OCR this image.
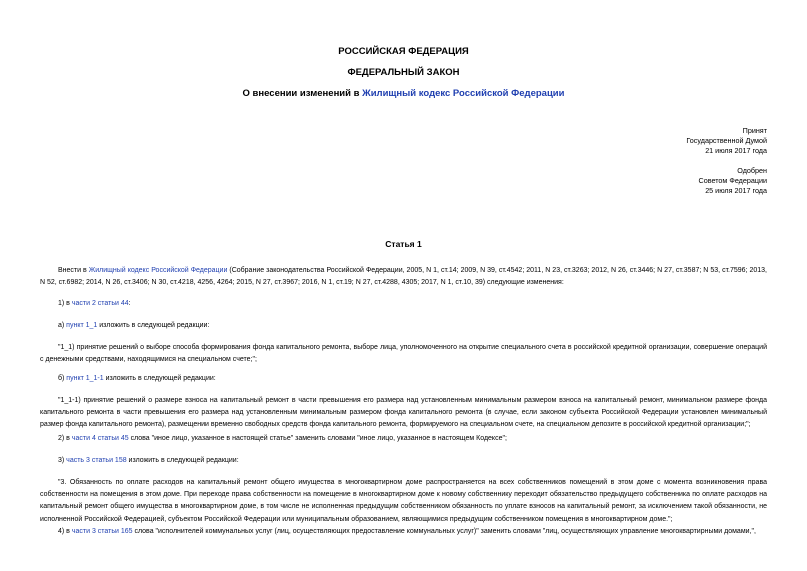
РОССИЙСКАЯ ФЕДЕРАЦИЯ
ФЕДЕРАЛЬНЫЙ ЗАКОН
О внесении изменений в Жилищный кодекс Российской Федерации
Принят
Государственной Думой
21 июля 2017 года
Одобрен
Советом Федерации
25 июля 2017 года
Статья 1
Внести в Жилищный кодекс Российской Федерации (Собрание законодательства Российской Федерации, 2005, N 1, ст.14; 2009, N 39, ст.4542; 2011, N 23, ст.3263; 2012, N 26, ст.3446; N 27, ст.3587; N 53, ст.7596; 2013, N 52, ст.6982; 2014, N 26, ст.3406; N 30, ст.4218, 4256, 4264; 2015, N 27, ст.3967; 2016, N 1, ст.19; N 27, ст.4288, 4305; 2017, N 1, ст.10, 39) следующие изменения:
1) в части 2 статьи 44:
а) пункт 1_1 изложить в следующей редакции:
"1_1) принятие решений о выборе способа формирования фонда капитального ремонта, выборе лица, уполномоченного на открытие специального счета в российской кредитной организации, совершение операций с денежными средствами, находящимися на специальном счете;";
б) пункт 1_1-1 изложить в следующей редакции:
"1_1-1) принятие решений о размере взноса на капитальный ремонт в части превышения его размера над установленным минимальным размером взноса на капитальный ремонт, минимальном размере фонда капитального ремонта в части превышения его размера над установленным минимальным размером фонда капитального ремонта (в случае, если законом субъекта Российской Федерации установлен минимальный размер фонда капитального ремонта), размещении временно свободных средств фонда капитального ремонта, формируемого на специальном счете, на специальном депозите в российской кредитной организации;";
2) в части 4 статьи 45 слова "иное лицо, указанное в настоящей статье" заменить словами "иное лицо, указанное в настоящем Кодексе";
3) часть 3 статьи 158 изложить в следующей редакции:
"3. Обязанность по оплате расходов на капитальный ремонт общего имущества в многоквартирном доме распространяется на всех собственников помещений в этом доме с момента возникновения права собственности на помещения в этом доме. При переходе права собственности на помещение в многоквартирном доме к новому собственнику переходит обязательство предыдущего собственника по оплате расходов на капитальный ремонт общего имущества в многоквартирном доме, в том числе не исполненная предыдущим собственником обязанность по уплате взносов на капитальный ремонт, за исключением такой обязанности, не исполненной Российской Федерацией, субъектом Российской Федерации или муниципальным образованием, являющимися предыдущим собственником помещения в многоквартирном доме.";
4) в части 3 статьи 165 слова "исполнителей коммунальных услуг (лиц, осуществляющих предоставление коммунальных услуг)" заменить словами "лиц, осуществляющих управление многоквартирными домами,",
